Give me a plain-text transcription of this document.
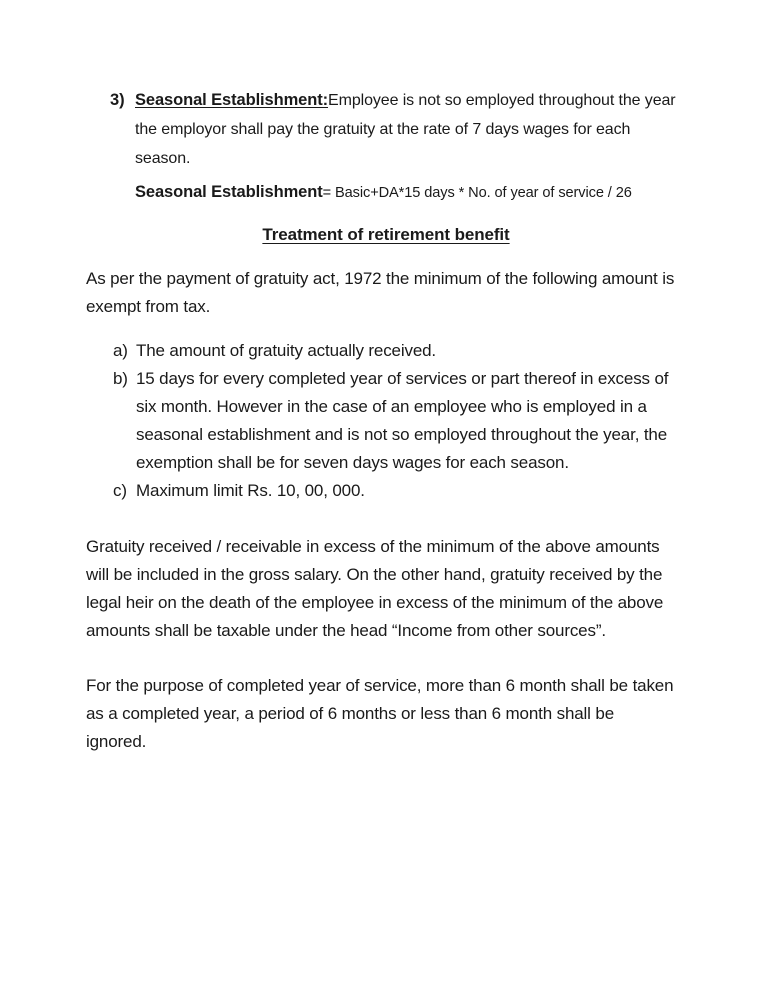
3) Seasonal Establishment:Employee is not so employed throughout the year the employor shall pay the gratuity at the rate of 7 days wages for each season.
Seasonal Establishment= Basic+DA*15 days * No. of year of service / 26
Treatment of retirement benefit

As per the payment of gratuity act, 1972 the minimum of the following amount is exempt from tax.

a) The amount of gratuity actually received.
b) 15 days for every completed year of services or part thereof in excess of six month. However in the case of an employee who is employed in a seasonal establishment and is not so employed throughout the year, the exemption shall be for seven days wages for each season.
c) Maximum limit Rs. 10, 00, 000.

Gratuity received / receivable in excess of the minimum of the above amounts will be included in the gross salary. On the other hand, gratuity received by the legal heir on the death of the employee in excess of the minimum of the above amounts shall be taxable under the head “Income from other sources”.

For the purpose of completed year of service, more than 6 month shall be taken as a completed year, a period of 6 months or less than 6 month shall be ignored.
